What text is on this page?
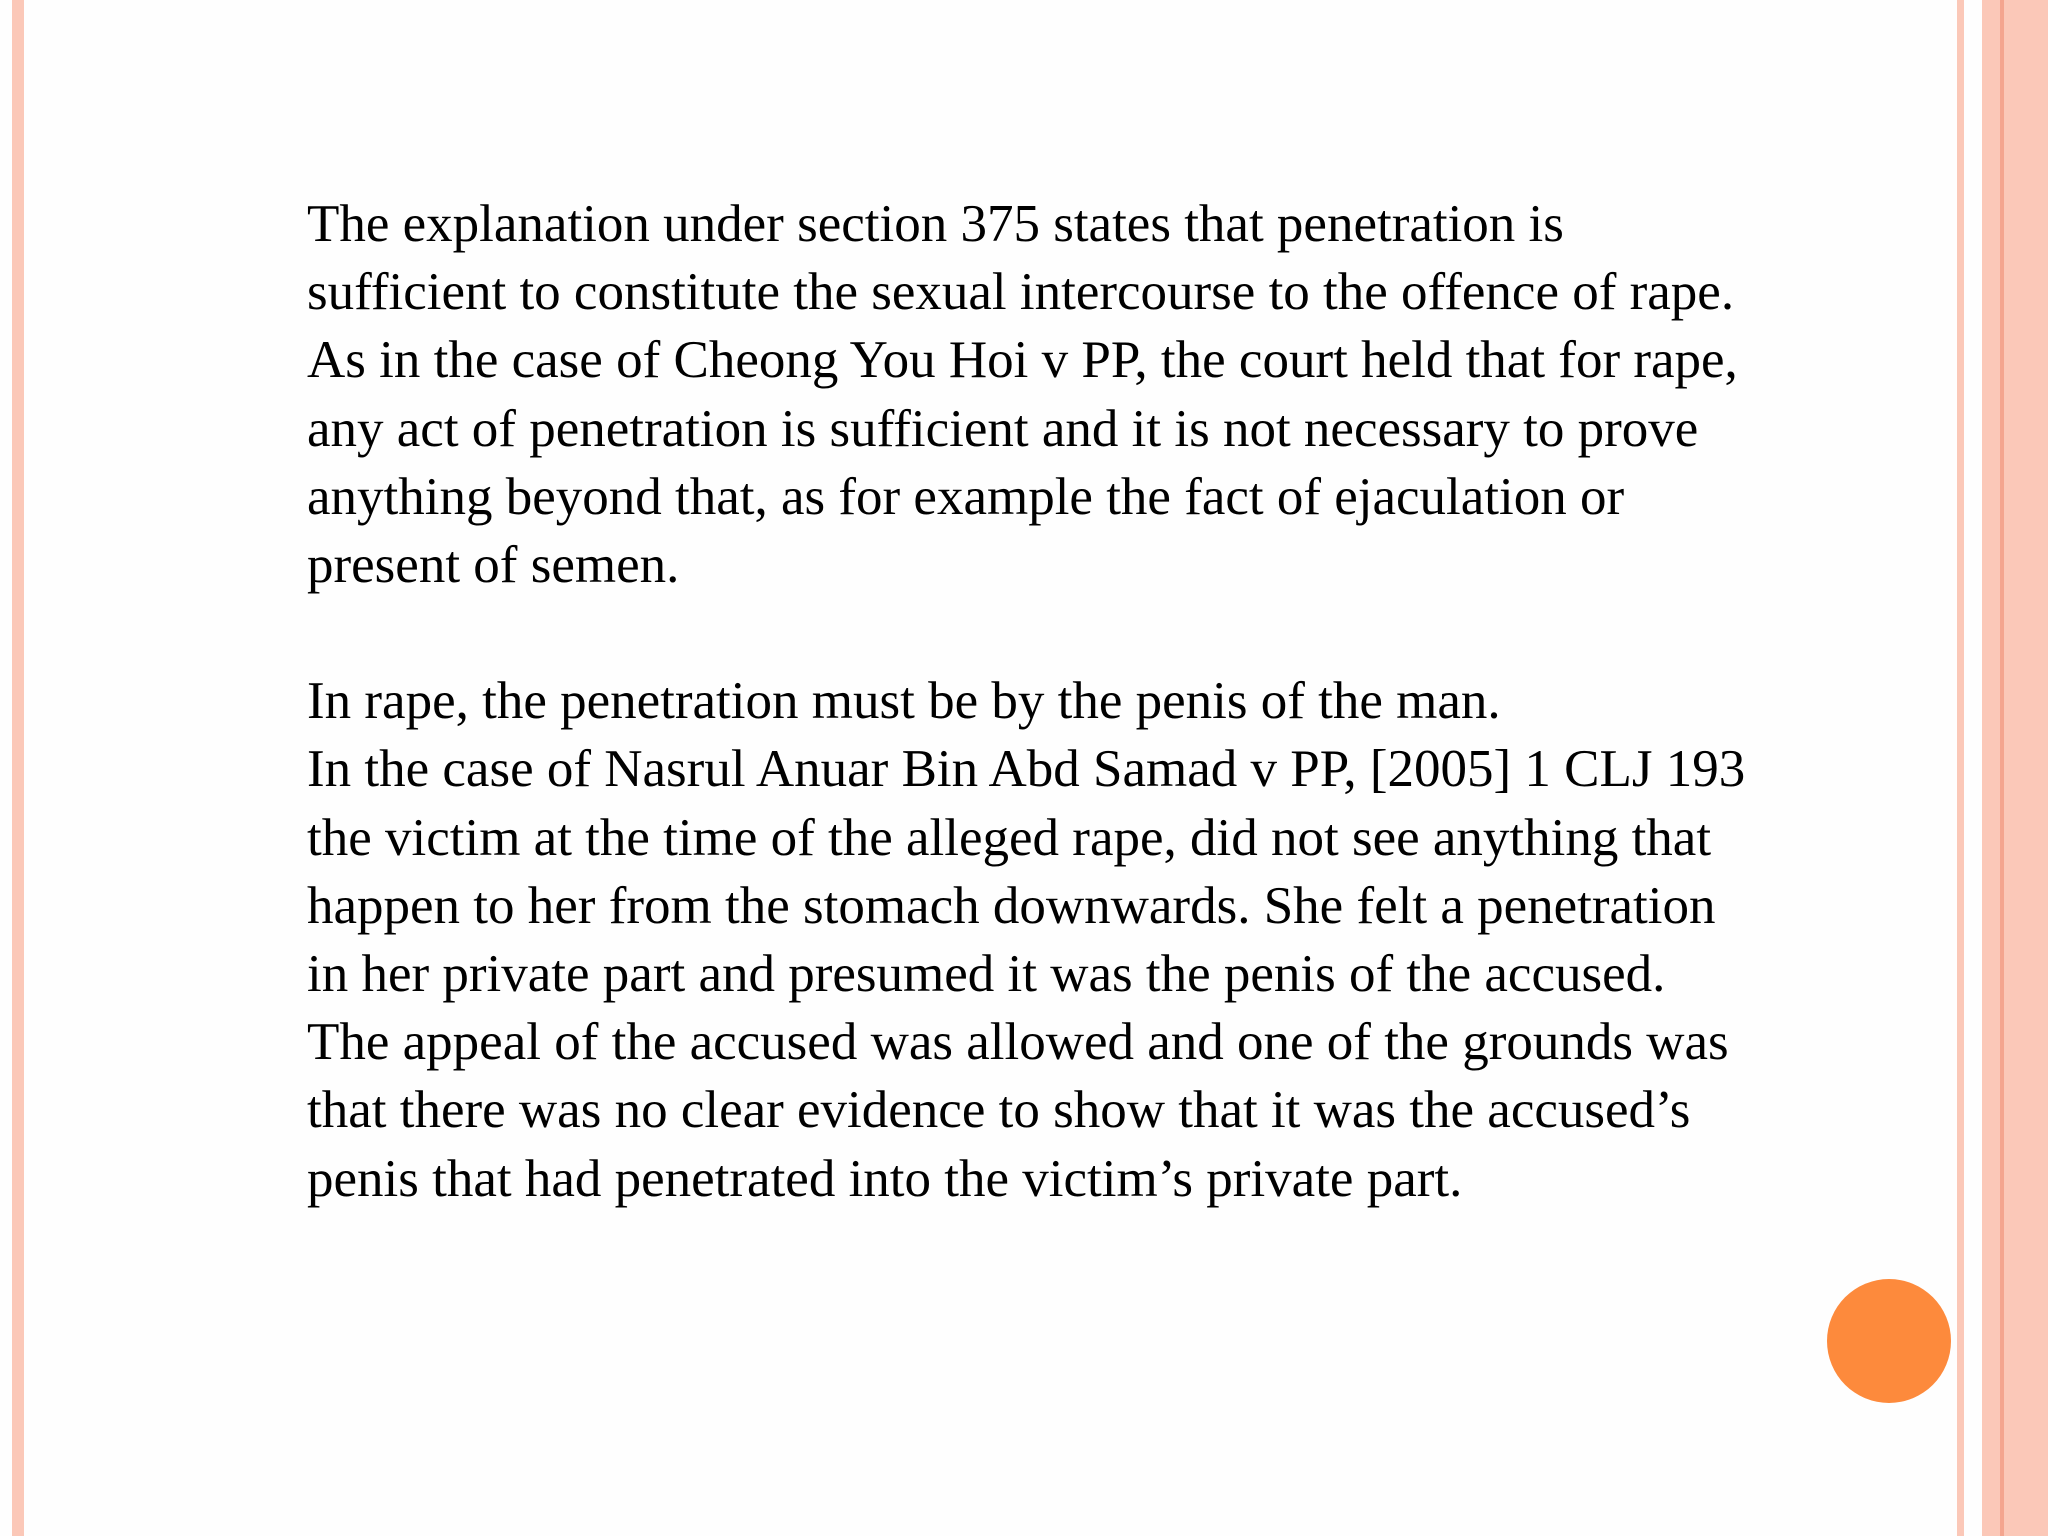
The explanation under section 375 states that penetration is sufficient to constitute the sexual intercourse to the offence of rape.  As in the case of Cheong You Hoi v PP, the court held that for rape, any act of penetration is sufficient and it is not necessary to prove anything beyond that, as for example the fact of ejaculation or present of semen.

In rape, the penetration must be by the penis of the man.

In the case of Nasrul Anuar Bin Abd Samad v PP, [2005] 1 CLJ 193 the victim at the time of the alleged rape, did not see anything that happen to her from the stomach downwards. She felt a penetration in her private part and presumed it was the penis of the accused. The appeal of the accused was allowed and one of the grounds was that there was no clear evidence to show that it was the accused’s penis that had penetrated into the victim’s private part.
